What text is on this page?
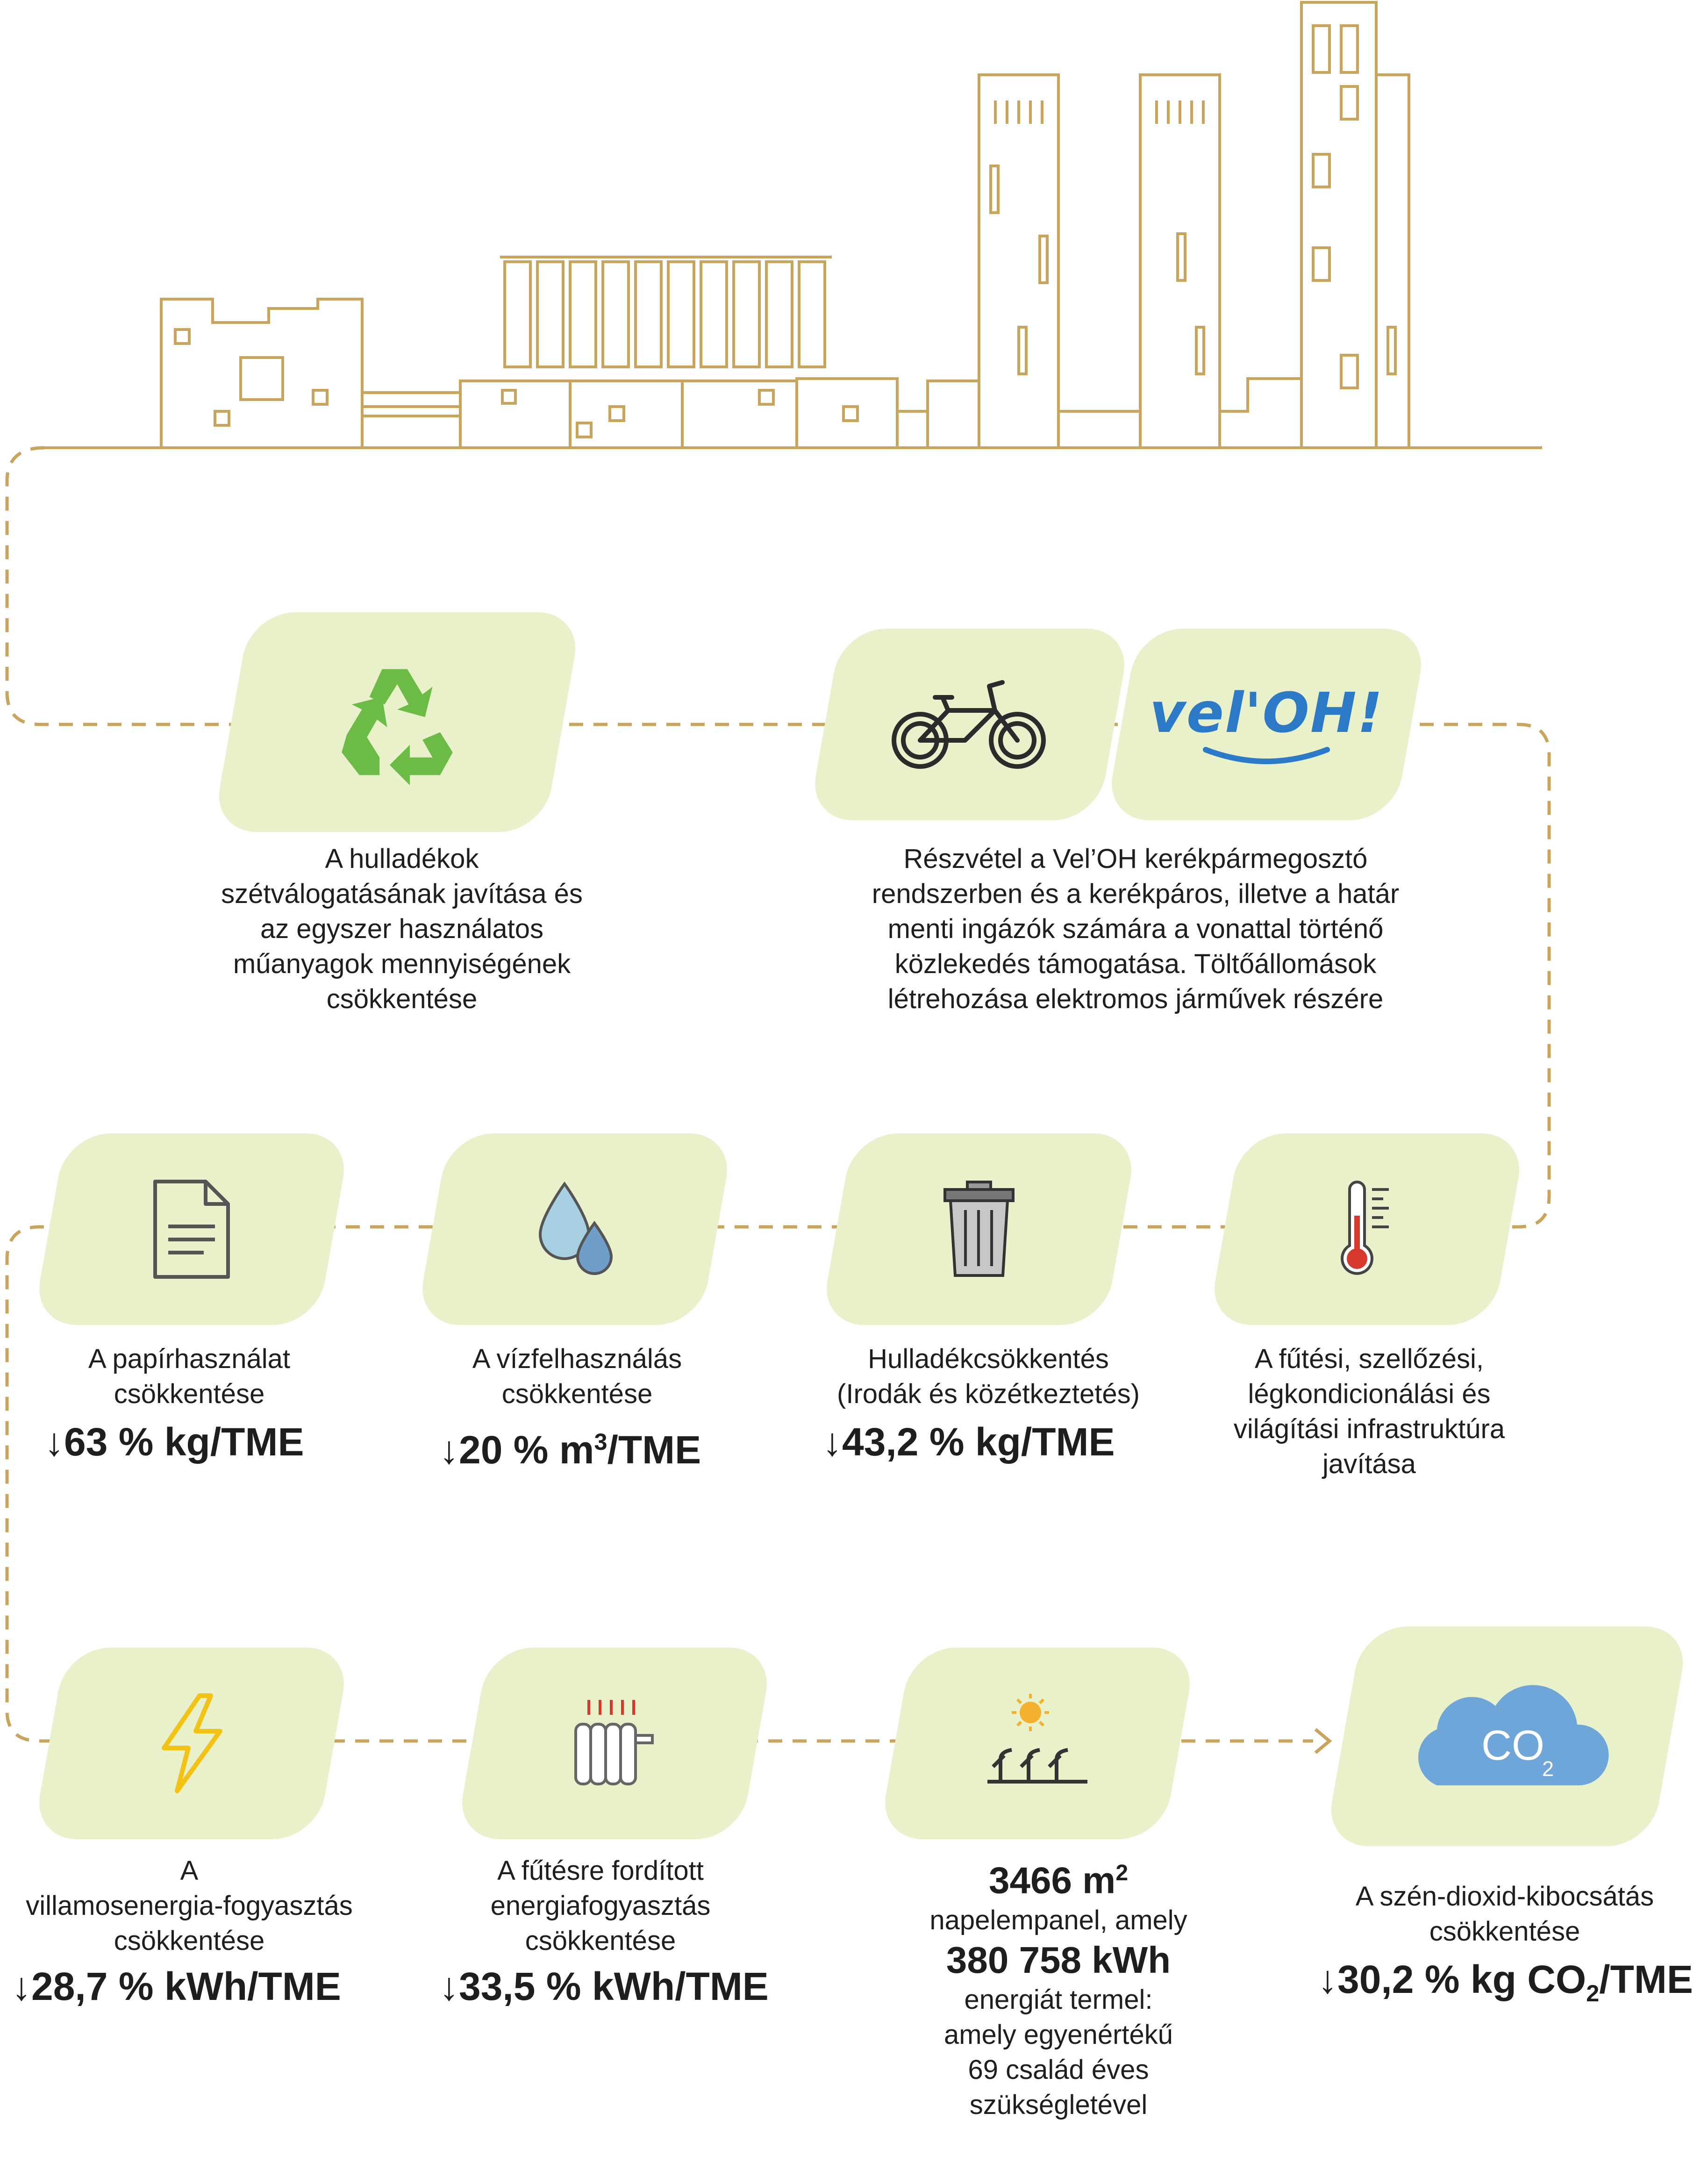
A hulladékok
szétválogatásának javítása és
az egyszer használatos
műanyagok mennyiségének
csökkentése
vel'OH!
Részvétel a Vel’OH kerékpármegosztó
rendszerben és a kerékpáros, illetve a határ
menti ingázók számára a vonattal történő
közlekedés támogatása. Töltőállomások
létrehozása elektromos járművek részére
A papírhasználat
csökkentése
↓63 % kg/TME
A vízfelhasználás
csökkentése
↓20 % $m^3$/TME
Hulladékcsökkentés
(Irodák és közétkeztetés)
↓43,2 % kg/TME
A fűtési, szellőzési,
légkondicionálási és
világítási infrastruktúra
javítása
A
villamosenergia-fogyasztás
csökkentése
↓28,7 % kWh/TME
A fűtésre fordított
energiafogyasztás
csökkentése
↓33,5 % kWh/TME
3466 $m^2$
napelempanel, amely
380 758 kWh
energiát termel:
amely egyenértékű
69 család éves
szükségletével
CO
2
A szén-dioxid-kibocsátás
csökkentése
↓30,2 % kg $CO_2$/TME
